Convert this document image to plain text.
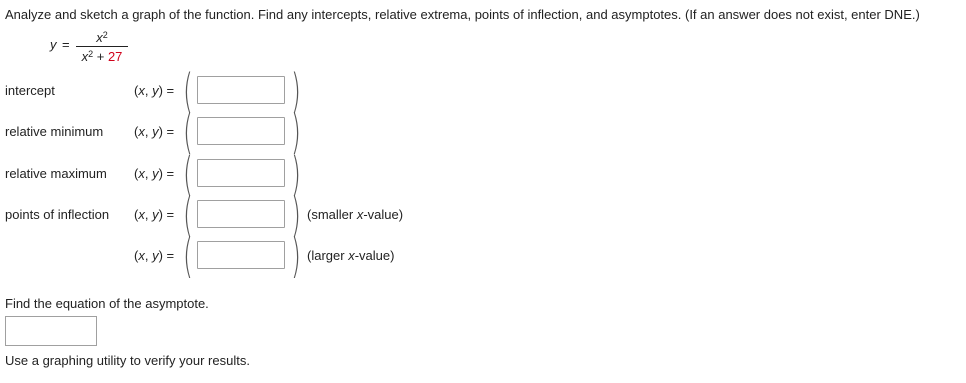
Analyze and sketch a graph of the function. Find any intercepts, relative extrema, points of inflection, and asymptotes. (If an answer does not exist, enter DNE.)
y =	$x^2$
$x^2 + 27$
intercept	(x, y) = ( )
relative minimum (x, y) = ( )
relative maximum (x, y) = ( )
points of inflection (x, y) = ( ) (smaller x-value)
(x, y) = ( ) (larger x-value)
Find the equation of the asymptote.
Use a graphing utility to verify your results.
